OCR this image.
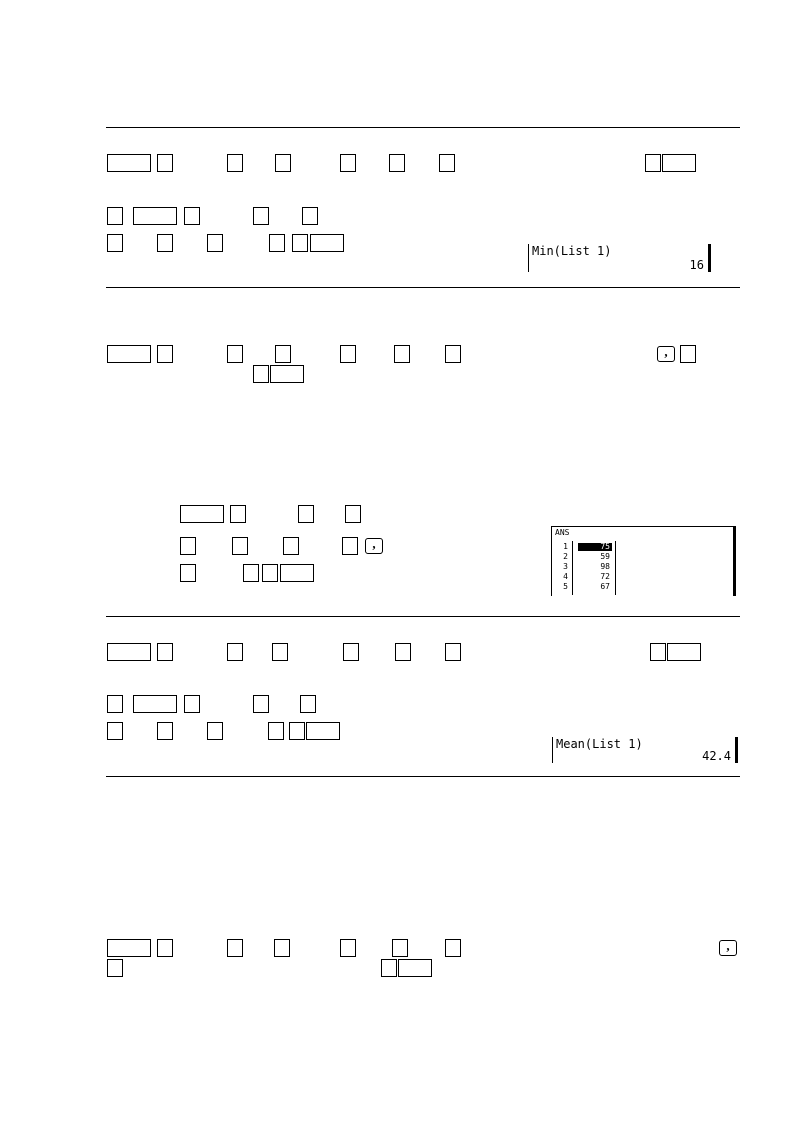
Min(List 1)
16
,
,
ANS
1	75
2	59
3	98
4	72
5	67
Mean(List 1)
42.4
,
